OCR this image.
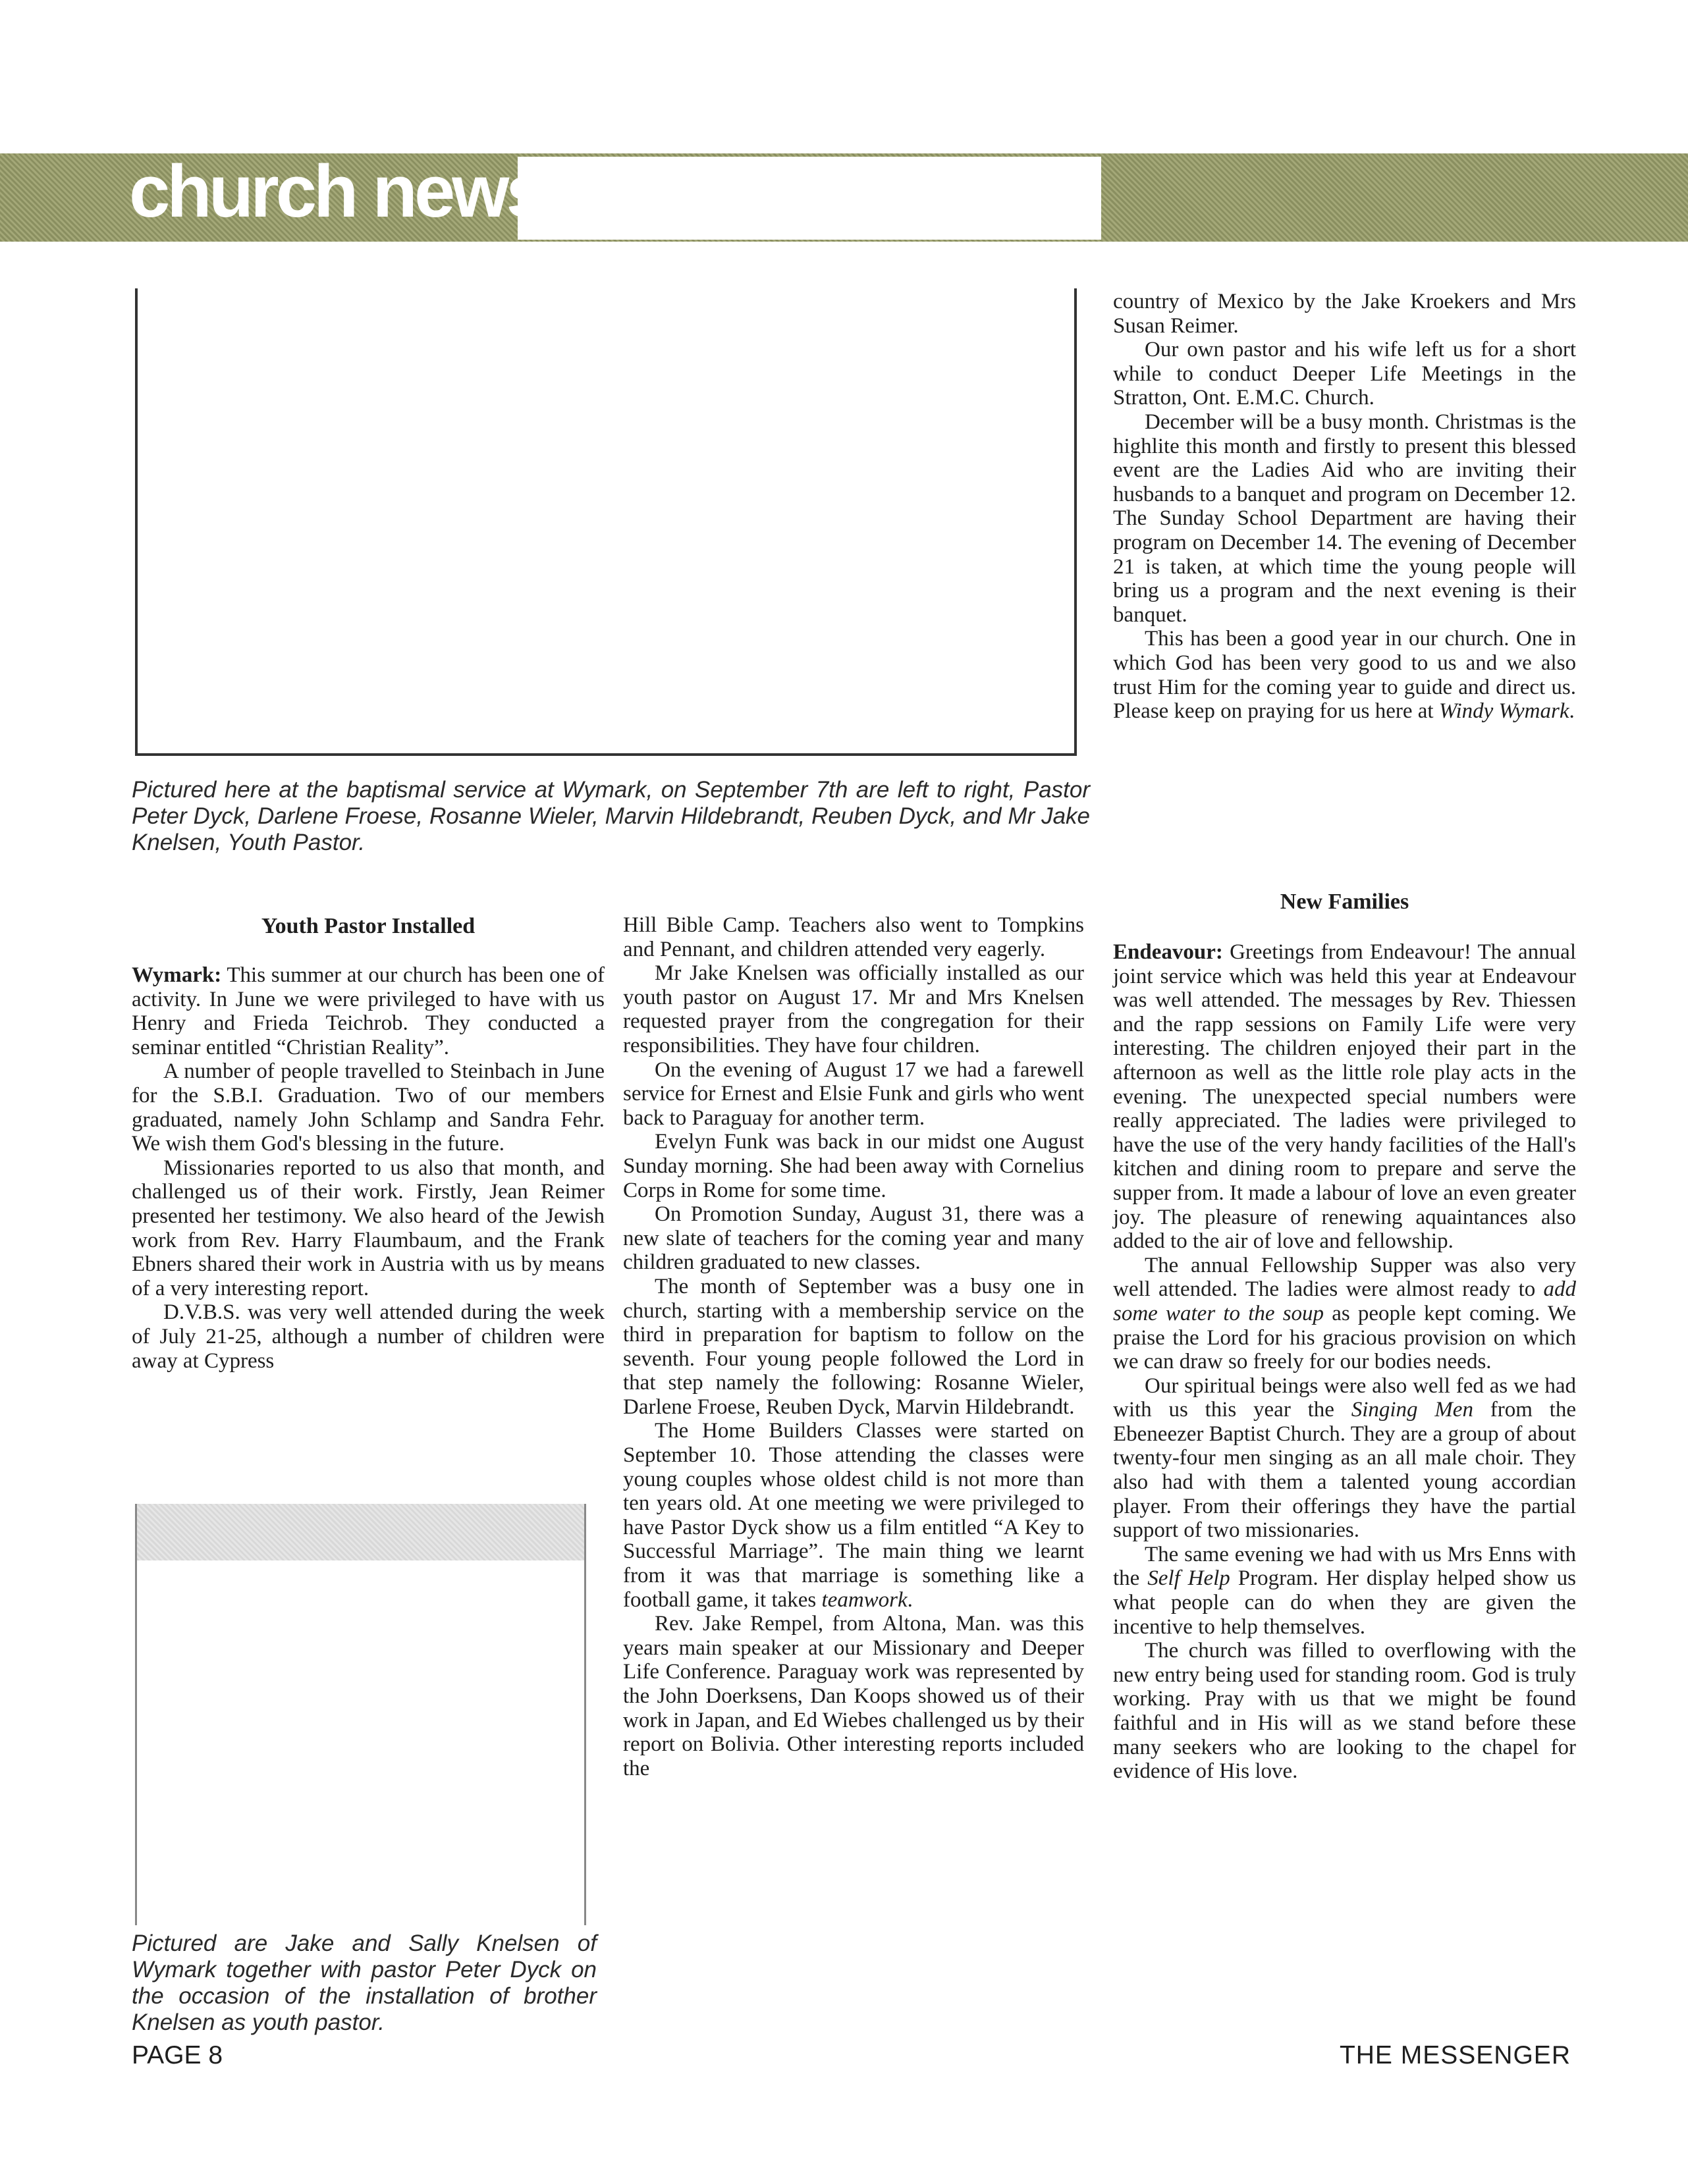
church news

Pictured here at the baptismal service at Wymark, on September 7th are left to right, Pastor Peter Dyck, Darlene Froese, Rosanne Wieler, Marvin Hildebrandt, Reuben Dyck, and Mr Jake Knelsen, Youth Pastor.

Youth Pastor Installed

Wymark: This summer at our church has been one of activity. In June we were privileged to have with us Henry and Frieda Teichrob. They conducted a seminar entitled “Christian Reality”.

A number of people travelled to Steinbach in June for the S.B.I. Graduation. Two of our members graduated, namely John Schlamp and Sandra Fehr. We wish them God's blessing in the future.

Missionaries reported to us also that month, and challenged us of their work. Firstly, Jean Reimer presented her testimony. We also heard of the Jewish work from Rev. Harry Flaumbaum, and the Frank Ebners shared their work in Austria with us by means of a very interesting report.

D.V.B.S. was very well attended during the week of July 21-25, although a number of children were away at Cypress

Pictured are Jake and Sally Knelsen of Wymark together with pastor Peter Dyck on the occasion of the installation of brother Knelsen as youth pastor.

Hill Bible Camp. Teachers also went to Tompkins and Pennant, and children attended very eagerly.

Mr Jake Knelsen was officially installed as our youth pastor on August 17. Mr and Mrs Knelsen requested prayer from the congregation for their responsibilities. They have four children.

On the evening of August 17 we had a farewell service for Ernest and Elsie Funk and girls who went back to Paraguay for another term.

Evelyn Funk was back in our midst one August Sunday morning. She had been away with Cornelius Corps in Rome for some time.

On Promotion Sunday, August 31, there was a new slate of teachers for the coming year and many children graduated to new classes.

The month of September was a busy one in church, starting with a membership service on the third in preparation for baptism to follow on the seventh. Four young people followed the Lord in that step namely the following: Rosanne Wieler, Darlene Froese, Reuben Dyck, Marvin Hildebrandt.

The Home Builders Classes were started on September 10. Those attending the classes were young couples whose oldest child is not more than ten years old. At one meeting we were privileged to have Pastor Dyck show us a film entitled “A Key to Successful Marriage”. The main thing we learnt from it was that marriage is something like a football game, it takes teamwork.

Rev. Jake Rempel, from Altona, Man. was this years main speaker at our Missionary and Deeper Life Conference. Paraguay work was represented by the John Doerksens, Dan Koops showed us of their work in Japan, and Ed Wiebes challenged us by their report on Bolivia. Other interesting reports included the

country of Mexico by the Jake Kroekers and Mrs Susan Reimer.

Our own pastor and his wife left us for a short while to conduct Deeper Life Meetings in the Stratton, Ont. E.M.C. Church.

December will be a busy month. Christmas is the highlite this month and firstly to present this blessed event are the Ladies Aid who are inviting their husbands to a banquet and program on December 12. The Sunday School Department are having their program on December 14. The evening of December 21 is taken, at which time the young people will bring us a program and the next evening is their banquet.

This has been a good year in our church. One in which God has been very good to us and we also trust Him for the coming year to guide and direct us. Please keep on praying for us here at Windy Wymark.

New Families

Endeavour: Greetings from Endeavour! The annual joint service which was held this year at Endeavour was well attended. The messages by Rev. Thiessen and the rapp sessions on Family Life were very interesting. The children enjoyed their part in the afternoon as well as the little role play acts in the evening. The unexpected special numbers were really appreciated. The ladies were privileged to have the use of the very handy facilities of the Hall's kitchen and dining room to prepare and serve the supper from. It made a labour of love an even greater joy. The pleasure of renewing aquaintances also added to the air of love and fellowship.

The annual Fellowship Supper was also very well attended. The ladies were almost ready to add some water to the soup as people kept coming. We praise the Lord for his gracious provision on which we can draw so freely for our bodies needs.

Our spiritual beings were also well fed as we had with us this year the Singing Men from the Ebeneezer Baptist Church. They are a group of about twenty-four men singing as an all male choir. They also had with them a talented young accordian player. From their offerings they have the partial support of two missionaries.

The same evening we had with us Mrs Enns with the Self Help Program. Her display helped show us what people can do when they are given the incentive to help themselves.

The church was filled to overflowing with the new entry being used for standing room. God is truly working. Pray with us that we might be found faithful and in His will as we stand before these many seekers who are looking to the chapel for evidence of His love.

PAGE 8	THE MESSENGER
